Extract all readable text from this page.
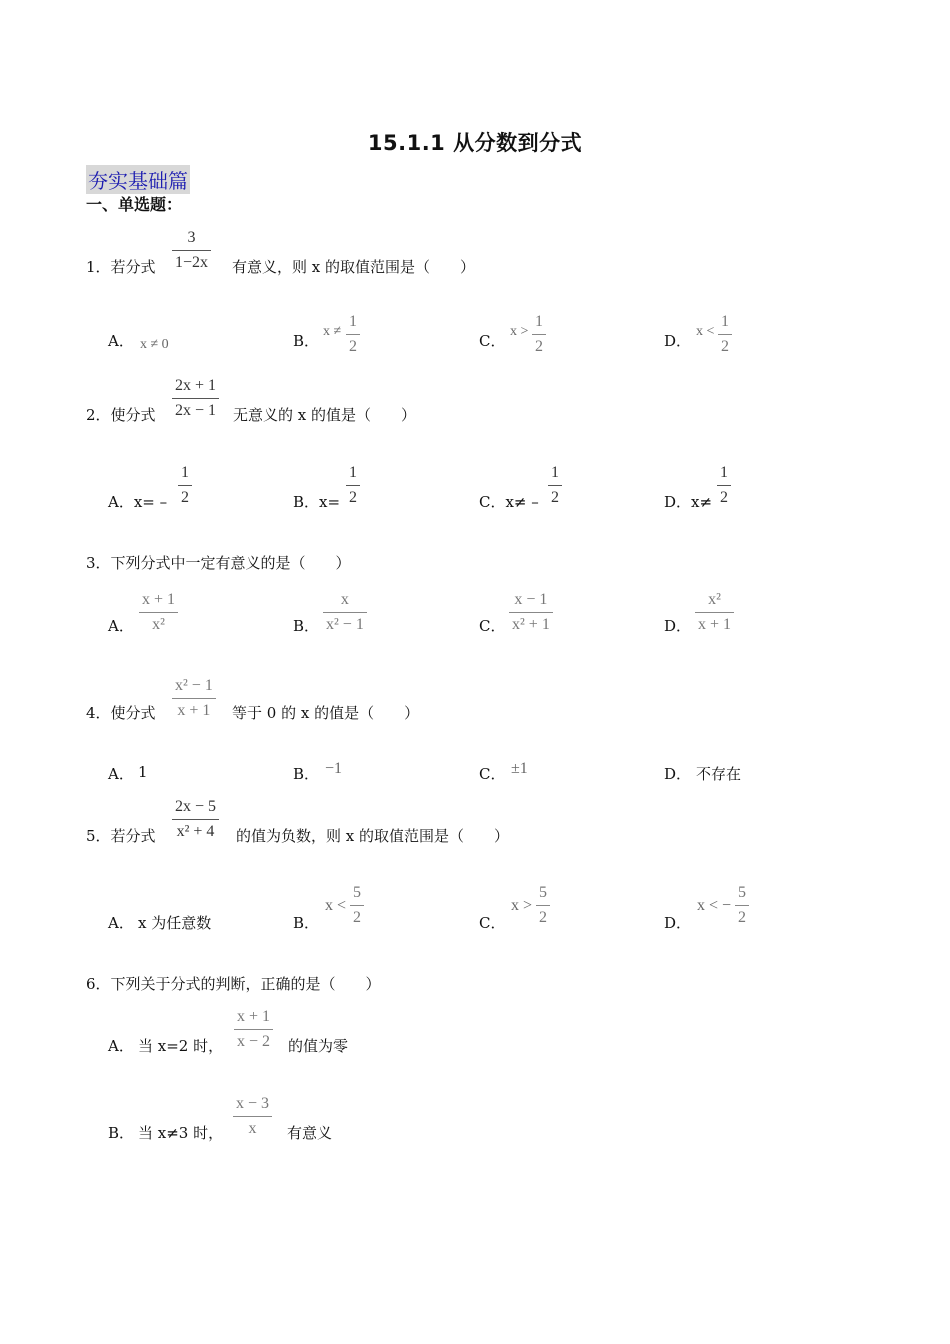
15.1.1 从分数到分式
夯实基础篇
一、单选题：
1．若分式
3
1−2x 有意义，则 x 的取值范围是（　　）
A． x ≠ 0	B．
x ≠
1
2	C．
x >
1
2	D．
x <
1
2
2．使分式
2x + 1
2x − 1 无意义的 x 的值是（　　）
A．x= –
1
2	B．x=
1
2	C．x≠ –
1
2	D．x≠
1
2
3．下列分式中一定有意义的是（　　）
A．
x + 1
x²	B．
x
x² − 1	C．
x − 1
x² + 1	D．
x²
x + 1
4．使分式
x² − 1
x + 1 等于 0 的 x 的值是（　　）
A． 1	B． −1	C． ±1	D． 不存在
5．若分式
2x − 5
x² + 4 的值为负数，则 x 的取值范围是（　　）
A． x 为任意数	B．
x <
5
2	C．
x >
5
2	D．
x < −
5
2
6．下列关于分式的判断，正确的是（　　）
A． 当 x=2 时，
x + 1
x − 2 的值为零
B． 当 x≠3 时，
x − 3
x 有意义
